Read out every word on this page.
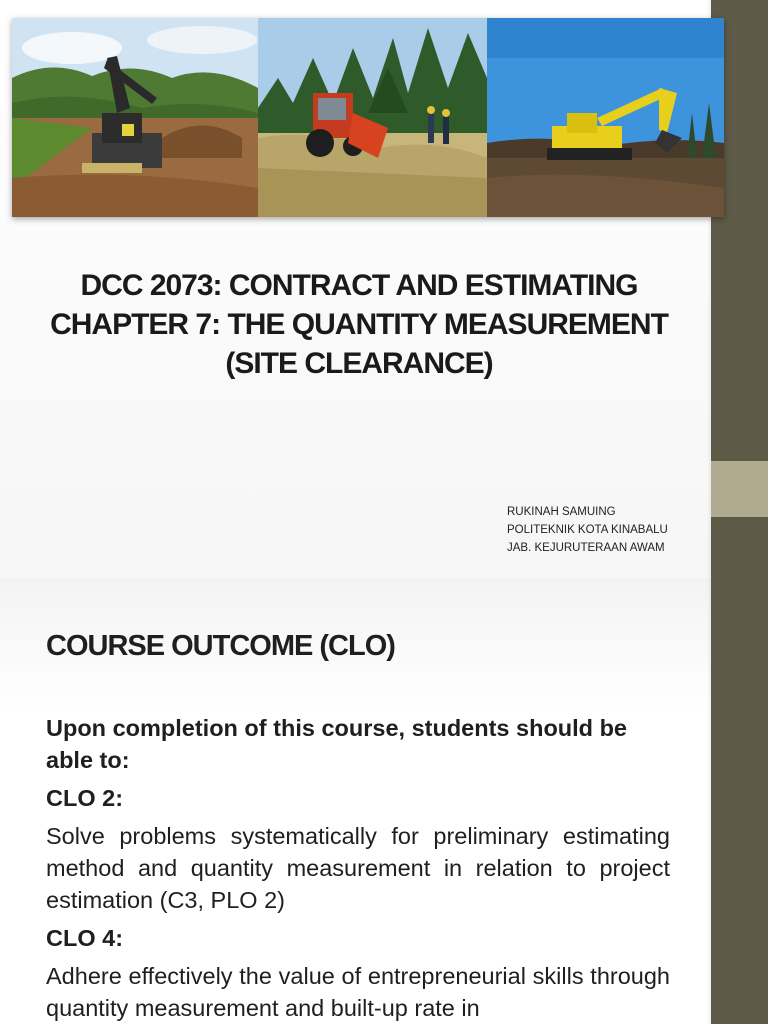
DCC 2073: CONTRACT AND ESTIMATING
CHAPTER 7: THE QUANTITY MEASUREMENT
(SITE CLEARANCE)
RUKINAH SAMUING
POLITEKNIK KOTA KINABALU
JAB. KEJURUTERAAN AWAM
COURSE OUTCOME (CLO)

Upon completion of this course, students should be able to:

CLO 2:

Solve problems systematically for preliminary estimating method and quantity measurement in relation to project estimation (C3, PLO 2)

CLO 4:

Adhere effectively the value of entrepreneurial skills through quantity measurement and built-up rate in
